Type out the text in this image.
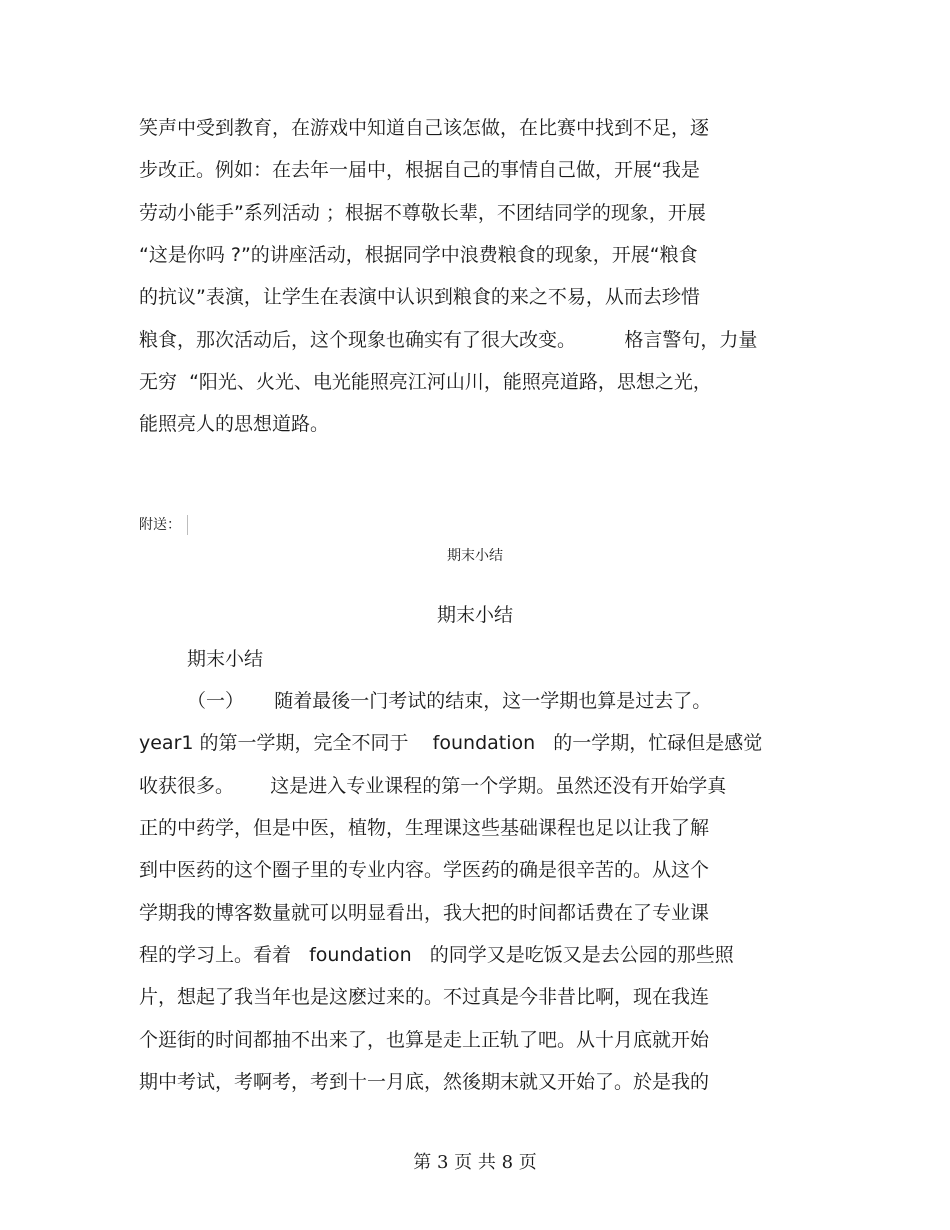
笑声中受到教育，在游戏中知道自己该怎做，在比赛中找到不足，逐

步改正。例如：在去年一届中，根据自己的事情自己做，开展“我是

劳动小能手”系列活动 ；根据不尊敬长辈，不团结同学的现象，开展

“这是你吗 ?”的讲座活动，根据同学中浪费粮食的现象，开展“粮食

的抗议”表演，让学生在表演中认识到粮食的来之不易，从而去珍惜

粮食，那次活动后，这个现象也确实有了很大改变。        格言警句，力量

无穷  “阳光、火光、电光能照亮江河山川，能照亮道路，思想之光，

能照亮人的思想道路。

附送：
期末小结
期末小结

期末小结

（一）     随着最後一门考试的结束，这一学期也算是过去了。

year1 的第一学期，完全不同于    foundation   的一学期，忙碌但是感觉

收获很多。      这是进入专业课程的第一个学期。虽然还没有开始学真

正的中药学，但是中医，植物，生理课这些基础课程也足以让我了解

到中医药的这个圈子里的专业内容。学医药的确是很辛苦的。从这个

学期我的博客数量就可以明显看出，我大把的时间都话费在了专业课

程的学习上。看着   foundation   的同学又是吃饭又是去公园的那些照

片，想起了我当年也是这麽过来的。不过真是今非昔比啊，现在我连

个逛街的时间都抽不出来了，也算是走上正轨了吧。从十月底就开始

期中考试，考啊考，考到十一月底，然後期末就又开始了。於是我的

第 3 页 共 8 页
